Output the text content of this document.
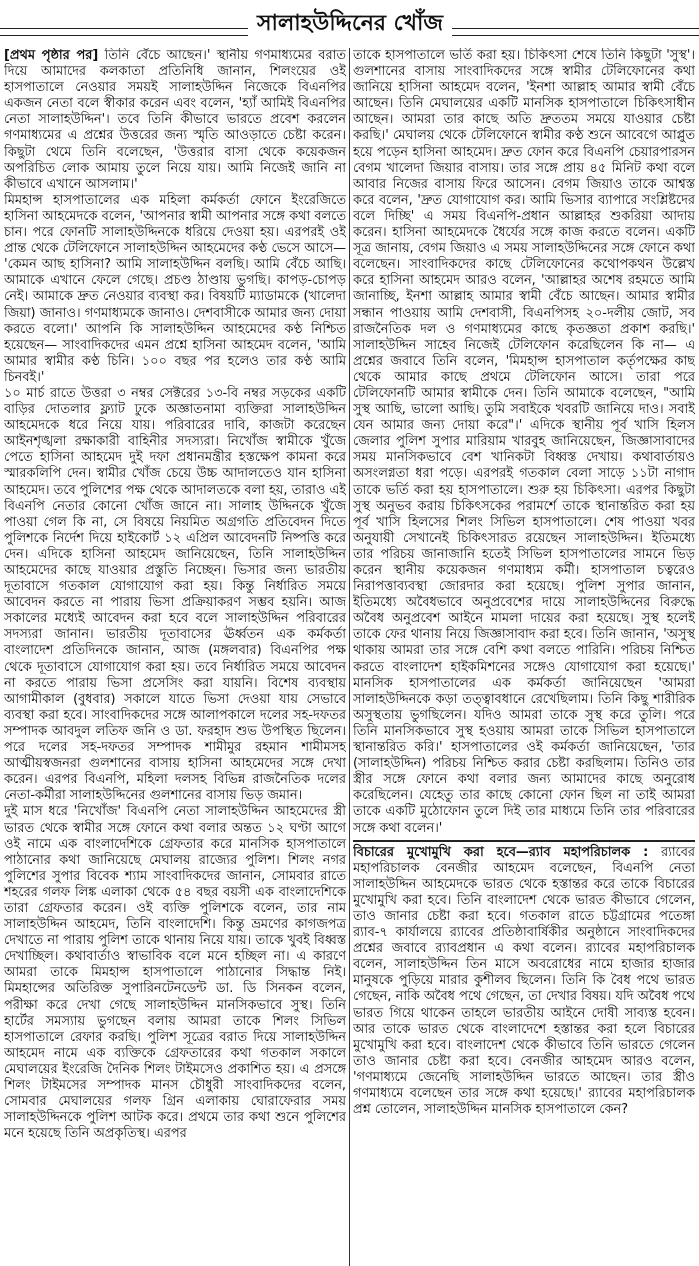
সালাহউদ্দিনের খোঁজ

[প্রথম পৃষ্ঠার পর] তিনি বেঁচে আছেন।' স্থানীয় গণমাধ্যমের বরাত দিয়ে আমাদের কলকাতা প্রতিনিধি জানান, শিলংয়ের ওই হাসপাতালে নেওয়ার সময়ই সালাহউদ্দিন নিজেকে বিএনপির একজন নেতা বলে স্বীকার করেন এবং বলেন, 'হ্যাঁ আমিই বিএনপির নেতা সালাহউদ্দিন'। তবে তিনি কীভাবে ভারতে প্রবেশ করলেন গণমাধ্যমের এ প্রশ্নের উত্তরের জন্য স্মৃতি আওড়াতে চেষ্টা করেন। কিছুটা থেমে তিনি বলেছেন, 'উত্তরার বাসা থেকে কয়েকজন অপরিচিত লোক আমায় তুলে নিয়ে যায়। আমি নিজেই জানি না কীভাবে এখানে আসলাম।'

মিমহান্স হাসপাতালের এক মহিলা কর্মকর্তা ফোনে ইংরেজিতে হাসিনা আহমেদকে বলেন, 'আপনার স্বামী আপনার সঙ্গে কথা বলতে চান। পরে ফোনটি সালাহউদ্দিনকে ধরিয়ে দেওয়া হয়। এরপরই ওই প্রান্ত থেকে টেলিফোনে সালাহউদ্দিন আহমেদের কণ্ঠ ভেসে আসে— 'কেমন আছ হাসিনা? আমি সালাহউদ্দিন বলছি। আমি বেঁচে আছি। আমাকে এখানে ফেলে গেছে। প্রচণ্ড ঠাণ্ডায় ভুগছি। কাপড়-চোপড় নেই। আমাকে দ্রুত নেওয়ার ব্যবস্থা কর। বিষয়টি ম্যাডামকে (খালেদা জিয়া) জানাও। গণমাধ্যমকে জানাও। দেশবাসীকে আমার জন্য দোয়া করতে বলো।' আপনি কি সালাহউদ্দিন আহমেদের কণ্ঠ নিশ্চিত হয়েছেন— সাংবাদিকদের এমন প্রশ্নে হাসিনা আহমেদ বলেন, 'আমি আমার স্বামীর কণ্ঠ চিনি। ১০০ বছর পর হলেও তার কণ্ঠ আমি চিনবই।'

১০ মার্চ রাতে উত্তরা ৩ নম্বর সেক্টরের ১৩-বি নম্বর সড়কের একটি বাড়ির দোতলার ফ্ল্যাট ঢুকে অজ্ঞাতনামা ব্যক্তিরা সালাহউদ্দিন আহমেদকে ধরে নিয়ে যায়। পরিবারের দাবি, কাজটা করেছেন আইনশৃঙ্খলা রক্ষাকারী বাহিনীর সদস্যরা। নিখোঁজ স্বামীকে খুঁজে পেতে হাসিনা আহমেদ দুই দফা প্রধানমন্ত্রীর হস্তক্ষেপ কামনা করে স্মারকলিপি দেন। স্বামীর খোঁজ চেয়ে উচ্চ আদালতেও যান হাসিনা আহমেদ। তবে পুলিশের পক্ষ থেকে আদালতকে বলা হয়, তারাও এই বিএনপি নেতার কোনো খোঁজ জানে না। সালাহ উদ্দিনকে খুঁজে পাওয়া গেল কি না, সে বিষয়ে নিয়মিত অগ্রগতি প্রতিবেদন দিতে পুলিশকে নির্দেশ দিয়ে হাইকোর্ট ১২ এপ্রিল আবেদনটি নিষ্পত্তি করে দেন। এদিকে হাসিনা আহমেদ জানিয়েছেন, তিনি সালাহউদ্দিন আহমেদের কাছে যাওয়ার প্রস্তুতি নিচ্ছেন। ভিসার জন্য ভারতীয় দূতাবাসে গতকাল যোগাযোগ করা হয়। কিন্তু নির্ধারিত সময়ে আবেদন করতে না পারায় ভিসা প্রক্রিয়াকরণ সম্ভব হয়নি। আজ সকালের মধ্যেই আবেদন করা হবে বলে সালাহউদ্দিন পরিবারের সদস্যরা জানান। ভারতীয় দূতাবাসের ঊর্ধ্বতন এক কর্মকর্তা বাংলাদেশ প্রতিদিনকে জানান, আজ (মঙ্গলবার) বিএনপির পক্ষ থেকে দূতাবাসে যোগাযোগ করা হয়। তবে নির্ধারিত সময়ে আবেদন না করতে পারায় ভিসা প্রসেসিং করা যায়নি। বিশেষ ব্যবস্থায় আগামীকাল (বুধবার) সকালে যাতে ভিসা দেওয়া যায় সেভাবে ব্যবস্থা করা হবে। সাংবাদিকদের সঙ্গে আলাপকালে দলের সহ-দফতর সম্পাদক আবদুল লতিফ জনি ও ডা. ফরহাদ শুভ উপস্থিত ছিলেন। পরে দলের সহ-দফতর সম্পাদক শামীমুর রহমান শামীমসহ আত্মীয়স্বজনরা গুলশানের বাসায় হাসিনা আহমেদের সঙ্গে দেখা করেন। এরপর বিএনপি, মহিলা দলসহ বিভিন্ন রাজনৈতিক দলের নেতা-কর্মীরা সালাহউদ্দিনের গুলশানের বাসায় ভিড় জমান।

দুই মাস ধরে 'নিখোঁজ' বিএনপি নেতা সালাহউদ্দিন আহমেদের স্ত্রী ভারত থেকে স্বামীর সঙ্গে ফোনে কথা বলার অন্তত ১২ ঘণ্টা আগে ওই নামে এক বাংলাদেশিকে গ্রেফতার করে মানসিক হাসপাতালে পাঠানোর কথা জানিয়েছে মেঘালয় রাজ্যের পুলিশ। শিলং নগর পুলিশের সুপার বিবেক শ্যাম সাংবাদিকদের জানান, সোমবার রাতে শহরের গলফ লিঙ্ক এলাকা থেকে ৫৪ বছর বয়সী এক বাংলাদেশিকে তারা গ্রেফতার করেন। ওই ব্যক্তি পুলিশকে বলেন, তার নাম সালাহউদ্দিন আহমেদ, তিনি বাংলাদেশি। কিন্তু ভ্রমণের কাগজপত্র দেখাতে না পারায় পুলিশ তাকে থানায় নিয়ে যায়। তাকে খুবই বিধ্বস্ত দেখাচ্ছিল। কথাবার্তাও স্বাভাবিক বলে মনে হচ্ছিল না। এ কারণে আমরা তাকে মিমহান্স হাসপাতালে পাঠানোর সিদ্ধান্ত নিই। মিমহান্সের অতিরিক্ত সুপারিনটেনডেন্ট ডা. ডি সিনকন বলেন, পরীক্ষা করে দেখা গেছে সালাহউদ্দিন মানসিকভাবে সুস্থ। তিনি হার্টের সমস্যায় ভুগছেন বলায় আমরা তাকে শিলং সিভিল হাসপাতালে রেফার করছি। পুলিশ সূত্রের বরাত দিয়ে সালাহউদ্দিন আহমেদ নামে এক ব্যক্তিকে গ্রেফতারের কথা গতকাল সকালে মেঘালয়ের ইংরেজি দৈনিক শিলং টাইমসেও প্রকাশিত হয়। এ প্রসঙ্গে শিলং টাইমসের সম্পাদক মানস চৌধুরী সাংবাদিকদের বলেন, সোমবার মেঘালয়ের গলফ গ্রিন এলাকায় ঘোরাফেরার সময় সালাহউদ্দিনকে পুলিশ আটক করে। প্রথমে তার কথা শুনে পুলিশের মনে হয়েছে তিনি অপ্রকৃতিস্থ। এরপর

তাকে হাসপাতালে ভর্তি করা হয়। চিকিৎসা শেষে তিনি কিছুটা 'সুস্থ'। গুলশানের বাসায় সাংবাদিকদের সঙ্গে স্বামীর টেলিফোনের কথা জানিয়ে হাসিনা আহমেদ বলেন, 'ইনশা আল্লাহ আমার স্বামী বেঁচে আছেন। তিনি মেঘালয়ের একটি মানসিক হাসপাতালে চিকিৎসাধীন আছেন। আমরা তার কাছে অতি দ্রুততম সময়ে যাওয়ার চেষ্টা করছি।' মেঘালয় থেকে টেলিফোনে স্বামীর কণ্ঠ শুনে আবেগে আপ্লুত হয়ে পড়েন হাসিনা আহমেদ। দ্রুত ফোন করে বিএনপি চেয়ারপারসন বেগম খালেদা জিয়ার বাসায়। তার সঙ্গে প্রায় ৪৫ মিনিট কথা বলে আবার নিজের বাসায় ফিরে আসেন। বেগম জিয়াও তাকে আশ্বস্ত করে বলেন, 'দ্রুত যোগাযোগ কর। আমি ভিসার ব্যাপারে সংশ্লিষ্টদের বলে দিচ্ছি' এ সময় বিএনপি-প্রধান আল্লাহর শুকরিয়া আদায় করেন। হাসিনা আহমেদকে ধৈর্যের সঙ্গে কাজ করতে বলেন। একটি সূত্র জানায়, বেগম জিয়াও এ সময় সালাহউদ্দিনের সঙ্গে ফোনে কথা বলেছেন। সাংবাদিকদের কাছে টেলিফোনের কথোপকথন উল্লেখ করে হাসিনা আহমেদ আরও বলেন, 'আল্লাহর অশেষ রহমতে আমি জানাচ্ছি, ইনশা আল্লাহ আমার স্বামী বেঁচে আছেন। আমার স্বামীর সন্ধান পাওয়ায় আমি দেশবাসী, বিএনপিসহ ২০-দলীয় জোট, সব রাজনৈতিক দল ও গণমাধ্যমের কাছে কৃতজ্ঞতা প্রকাশ করছি।' সালাহউদ্দিন সাহেব নিজেই টেলিফোন করেছিলেন কি না— এ প্রশ্নের জবাবে তিনি বলেন, 'মিমহান্স হাসপাতাল কর্তৃপক্ষের কাছ থেকে আমার কাছে প্রথমে টেলিফোন আসে। তারা পরে টেলিফোনটি আমার স্বামীকে দেন। তিনি আমাকে বলেছেন, "আমি সুস্থ আছি, ভালো আছি। তুমি সবাইকে খবরটি জানিয়ে দাও। সবাই যেন আমার জন্য দোয়া করে"।' এদিকে স্থানীয় পূর্ব খাসি হিলস জেলার পুলিশ সুপার মারিয়াম খারবুহ জানিয়েছেন, জিজ্ঞাসাবাদের সময় মানসিকভাবে বেশ খানিকটা বিধ্বস্ত দেখায়। কথাবার্তায়ও অসংলগ্নতা ধরা পড়ে। এরপরই গতকাল বেলা সাড়ে ১১টা নাগাদ তাকে ভর্তি করা হয় হাসপাতালে। শুরু হয় চিকিৎসা। এরপর কিছুটা সুস্থ অনুভব করায় চিকিৎসকের পরামর্শে তাকে স্থানান্তরিত করা হয় পূর্ব খাসি হিলসের শিলং সিভিল হাসপাতালে। শেষ পাওয়া খবর অনুযায়ী সেখানেই চিকিৎসারত রয়েছেন সালাহউদ্দিন। ইতিমধ্যে তার পরিচয় জানাজানি হতেই সিভিল হাসপাতালের সামনে ভিড় করেন স্থানীয় কয়েকজন গণমাধ্যম কর্মী। হাসপাতাল চত্বরেও নিরাপত্তাব্যবস্থা জোরদার করা হয়েছে। পুলিশ সুপার জানান, ইতিমধ্যে অবৈধভাবে অনুপ্রবেশের দায়ে সালাহউদ্দিনের বিরুদ্ধে অবৈধ অনুপ্রবেশ আইনে মামলা দায়ের করা হয়েছে। সুস্থ হলেই তাকে ফের থানায় নিয়ে জিজ্ঞাসাবাদ করা হবে। তিনি জানান, 'অসুস্থ থাকায় আমরা তার সঙ্গে বেশি কথা বলতে পারিনি। পরিচয় নিশ্চিত করতে বাংলাদেশ হাইকমিশনের সঙ্গেও যোগাযোগ করা হয়েছে।' মানসিক হাসপাতালের এক কর্মকর্তা জানিয়েছেন 'আমরা সালাহউদ্দিনকে কড়া তত্ত্বাবধানে রেখেছিলাম। তিনি কিছু শারীরিক অসুস্থতায় ভুগছিলেন। যদিও আমরা তাকে সুস্থ করে তুলি। পরে তিনি মানসিকভাবে সুস্থ হওয়ায় আমরা তাকে সিভিল হাসপাতালে স্থানান্তরিত করি।' হাসপাতালের ওই কর্মকর্তা জানিয়েছেন, 'তার (সালাহউদ্দিন) পরিচয় নিশ্চিত করার চেষ্টা করছিলাম। তিনিও তার স্ত্রীর সঙ্গে ফোনে কথা বলার জন্য আমাদের কাছে অনুরোধ করেছিলেন। যেহেতু তার কাছে কোনো ফোন ছিল না তাই আমরা তাকে একটি মুঠোফোন তুলে দিই তার মাধ্যমে তিনি তার পরিবারের সঙ্গে কথা বলেন।'

বিচারের মুখোমুখি করা হবে—র‍্যাব মহাপরিচালক : র‍্যাবের মহাপরিচালক বেনজীর আহমেদ বলেছেন, বিএনপি নেতা সালাহউদ্দিন আহমেদকে ভারত থেকে হস্তান্তর করে তাকে বিচারের মুখোমুখি করা হবে। তিনি বাংলাদেশ থেকে ভারত কীভাবে গেলেন, তাও জানার চেষ্টা করা হবে। গতকাল রাতে চট্টগ্রামের পতেঙ্গা র‍্যাব-৭ কার্যালয়ে র‍্যাবের প্রতিষ্ঠাবার্ষিকীর অনুষ্ঠানে সাংবাদিকদের প্রশ্নের জবাবে র‍্যাবপ্রধান এ কথা বলেন। র‍্যাবের মহাপরিচালক বলেন, সালাহউদ্দিন তিন মাসে অবরোধের নামে হাজার হাজার মানুষকে পুড়িয়ে মারার কুশীলব ছিলেন। তিনি কি বৈধ পথে ভারত গেছেন, নাকি অবৈধ পথে গেছেন, তা দেখার বিষয়। যদি অবৈধ পথে ভারত গিয়ে থাকেন তাহলে ভারতীয় আইনে দোষী সাব্যস্ত হবেন। আর তাকে ভারত থেকে বাংলাদেশে হস্তান্তর করা হলে বিচারের মুখোমুখি করা হবে। বাংলাদেশ থেকে কীভাবে তিনি ভারতে গেলেন তাও জানার চেষ্টা করা হবে। বেনজীর আহমেদ আরও বলেন, 'গণমাধ্যমে জেনেছি সালাহউদ্দিন ভারতে আছেন। তার স্ত্রীও গণমাধ্যমে বলেছেন তার সঙ্গে কথা হয়েছে।' র‍্যাবের মহাপরিচালক প্রশ্ন তোলেন, সালাহউদ্দিন মানসিক হাসপাতালে কেন?
